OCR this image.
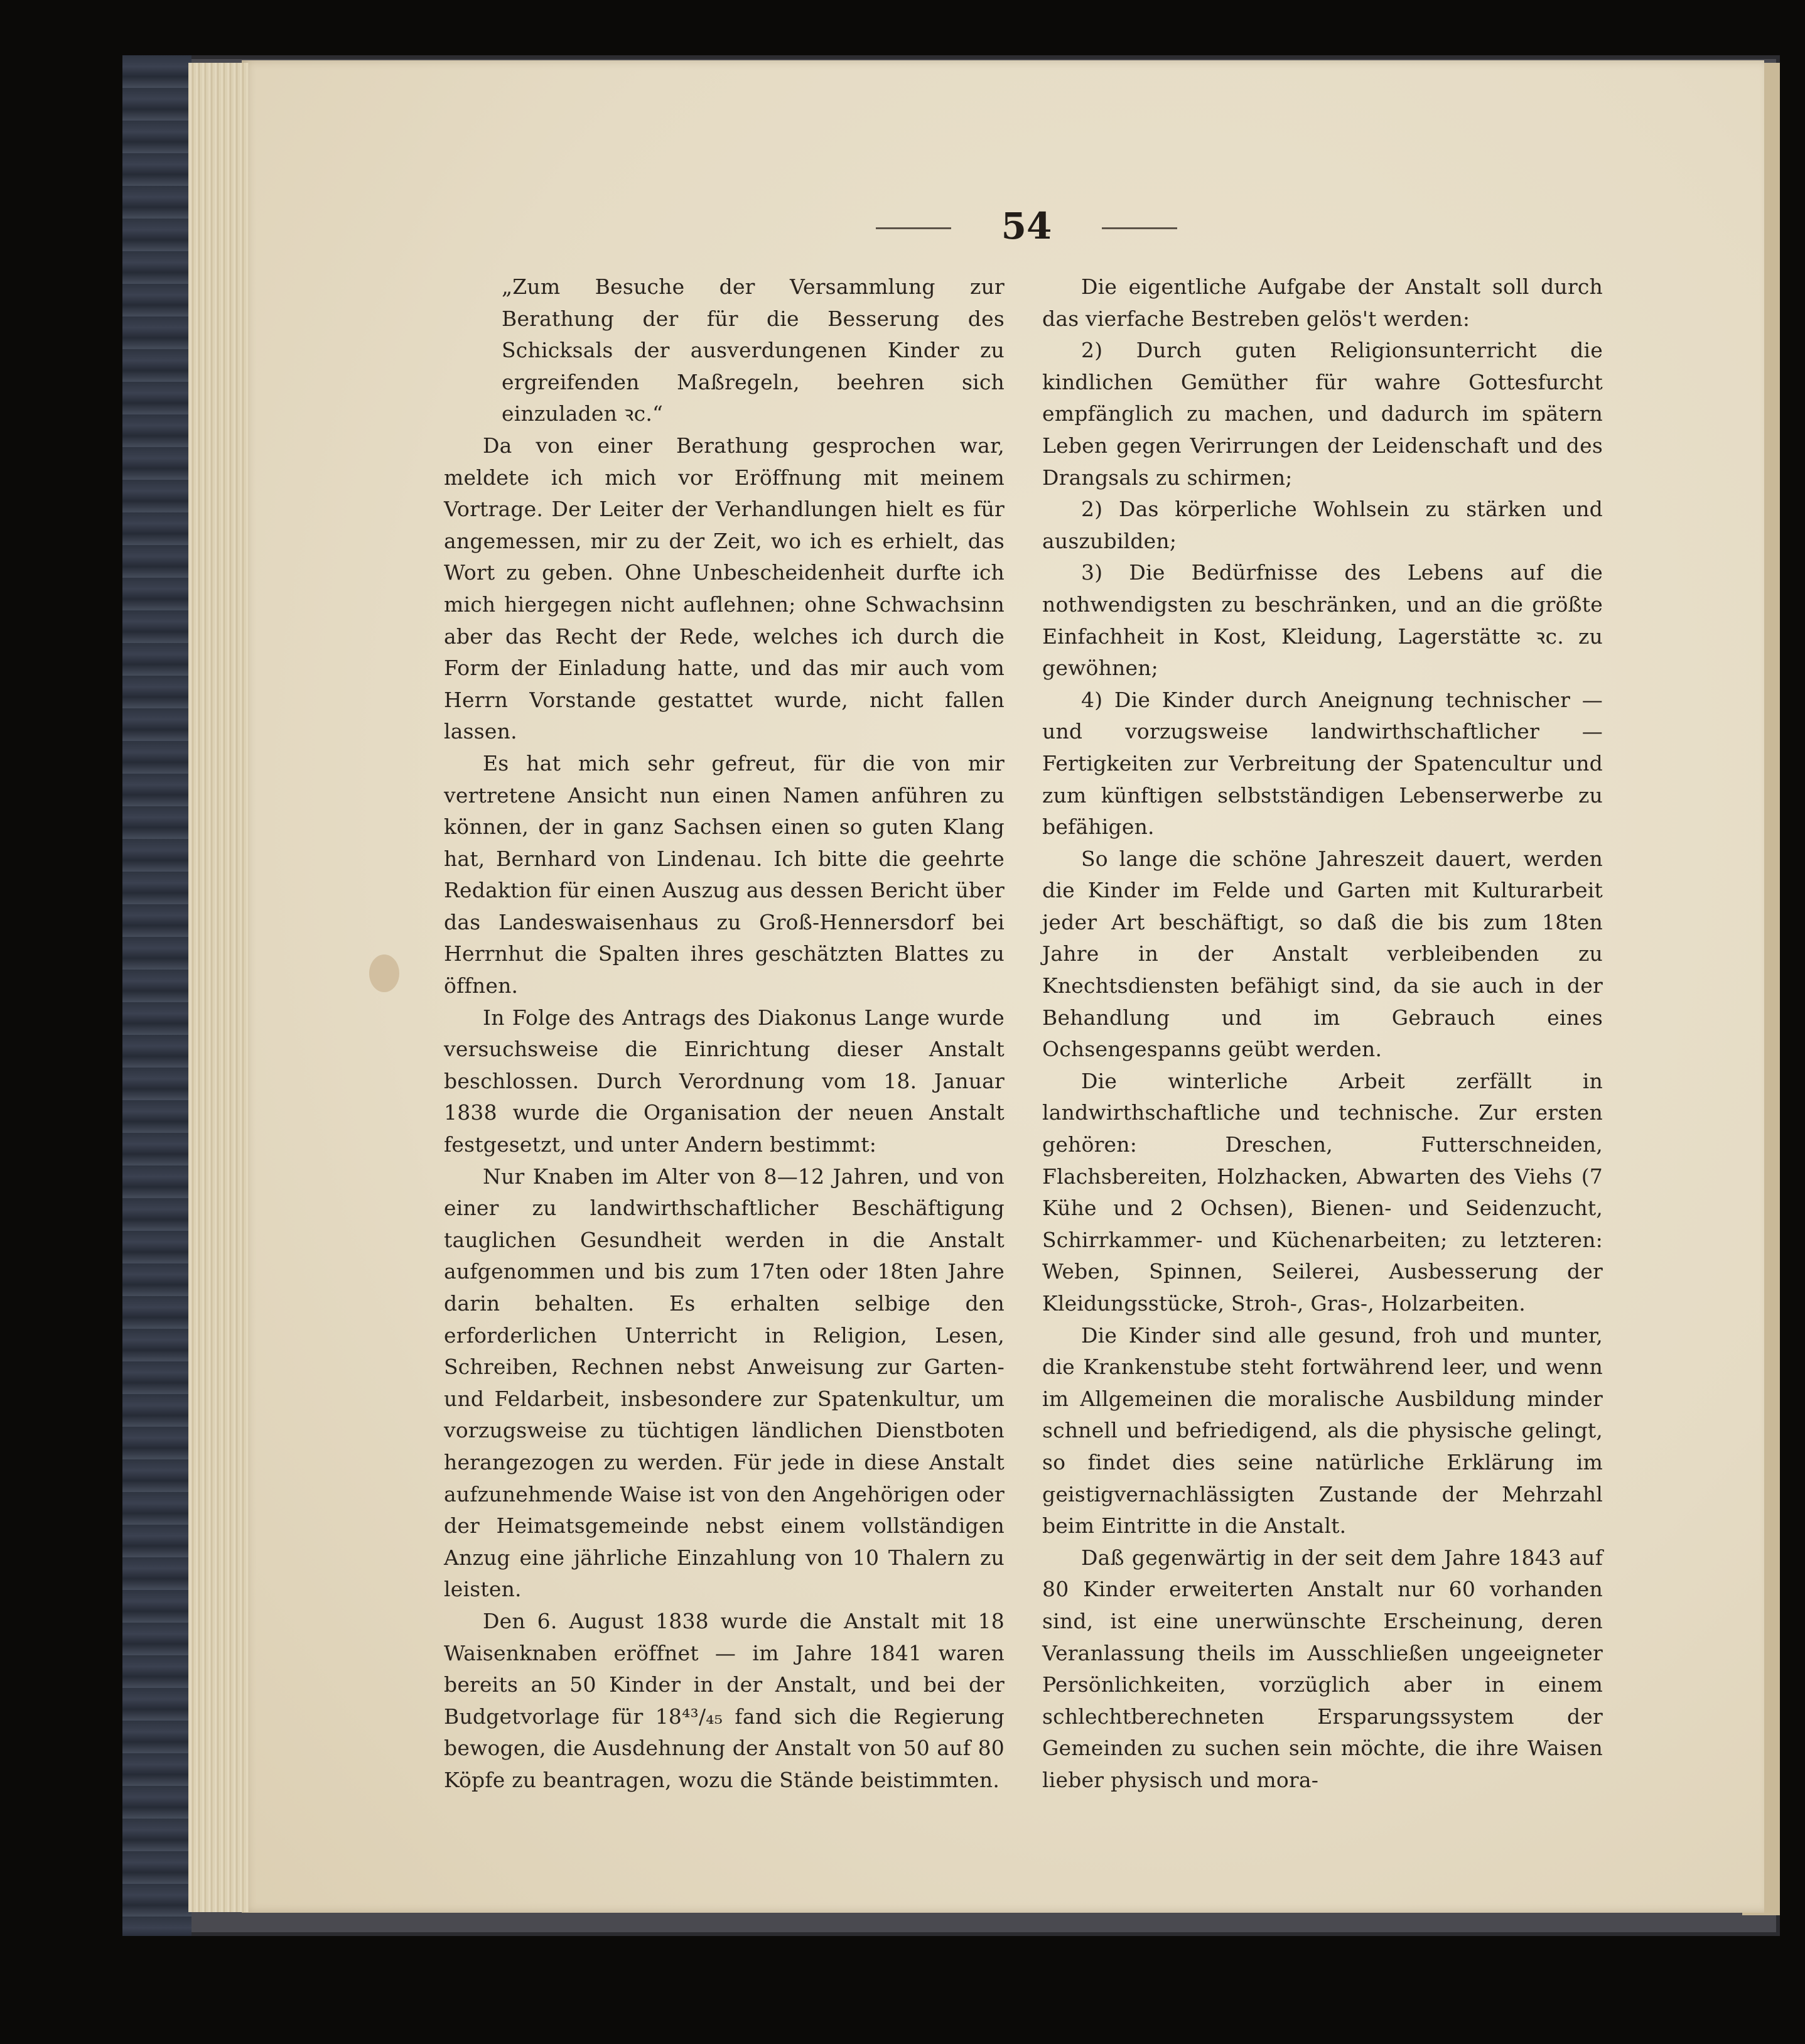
54

„Zum Besuche der Versammlung zur Berathung der für die Besserung des Schicksals der ausverdungenen Kinder zu ergreifenden Maßregeln, beehren sich einzuladen ꝛc.“

Da von einer Berathung gesprochen war, meldete ich mich vor Eröffnung mit meinem Vortrage. Der Leiter der Verhandlungen hielt es für angemessen, mir zu der Zeit, wo ich es erhielt, das Wort zu geben. Ohne Unbescheidenheit durfte ich mich hiergegen nicht auflehnen; ohne Schwachsinn aber das Recht der Rede, welches ich durch die Form der Einladung hatte, und das mir auch vom Herrn Vorstande gestattet wurde, nicht fallen lassen.

Es hat mich sehr gefreut, für die von mir vertretene Ansicht nun einen Namen anführen zu können, der in ganz Sachsen einen so guten Klang hat, Bernhard von Lindenau. Ich bitte die geehrte Redaktion für einen Auszug aus dessen Bericht über das Landeswaisenhaus zu Groß-Hennersdorf bei Herrnhut die Spalten ihres geschätzten Blattes zu öffnen.

In Folge des Antrags des Diakonus Lange wurde versuchsweise die Einrichtung dieser Anstalt beschlossen. Durch Verordnung vom 18. Januar 1838 wurde die Organisation der neuen Anstalt festgesetzt, und unter Andern bestimmt:

Nur Knaben im Alter von 8—12 Jahren, und von einer zu landwirthschaftlicher Beschäftigung tauglichen Gesundheit werden in die Anstalt aufgenommen und bis zum 17ten oder 18ten Jahre darin behalten. Es erhalten selbige den erforderlichen Unterricht in Religion, Lesen, Schreiben, Rechnen nebst Anweisung zur Garten- und Feldarbeit, insbesondere zur Spatenkultur, um vorzugsweise zu tüchtigen ländlichen Dienstboten herangezogen zu werden. Für jede in diese Anstalt aufzunehmende Waise ist von den Angehörigen oder der Heimatsgemeinde nebst einem vollständigen Anzug eine jährliche Einzahlung von 10 Thalern zu leisten.

Den 6. August 1838 wurde die Anstalt mit 18 Waisenknaben eröffnet — im Jahre 1841 waren bereits an 50 Kinder in der Anstalt, und bei der Budgetvorlage für 18⁴³/₄₅ fand sich die Regierung bewogen, die Ausdehnung der Anstalt von 50 auf 80 Köpfe zu beantragen, wozu die Stände beistimmten.

Die eigentliche Aufgabe der Anstalt soll durch das vierfache Bestreben gelös't werden:

2) Durch guten Religionsunterricht die kindlichen Gemüther für wahre Gottesfurcht empfänglich zu machen, und dadurch im spätern Leben gegen Verirrungen der Leidenschaft und des Drangsals zu schirmen;

2) Das körperliche Wohlsein zu stärken und auszubilden;

3) Die Bedürfnisse des Lebens auf die nothwendigsten zu beschränken, und an die größte Einfachheit in Kost, Kleidung, Lagerstätte ꝛc. zu gewöhnen;

4) Die Kinder durch Aneignung technischer — und vorzugsweise landwirthschaftlicher — Fertigkeiten zur Verbreitung der Spatencultur und zum künftigen selbstständigen Lebenserwerbe zu befähigen.

So lange die schöne Jahreszeit dauert, werden die Kinder im Felde und Garten mit Kulturarbeit jeder Art beschäftigt, so daß die bis zum 18ten Jahre in der Anstalt verbleibenden zu Knechtsdiensten befähigt sind, da sie auch in der Behandlung und im Gebrauch eines Ochsengespanns geübt werden.

Die winterliche Arbeit zerfällt in landwirthschaftliche und technische. Zur ersten gehören: Dreschen, Futterschneiden, Flachsbereiten, Holzhacken, Abwarten des Viehs (7 Kühe und 2 Ochsen), Bienen- und Seidenzucht, Schirrkammer- und Küchenarbeiten; zu letzteren: Weben, Spinnen, Seilerei, Ausbesserung der Kleidungsstücke, Stroh-, Gras-, Holzarbeiten.

Die Kinder sind alle gesund, froh und munter, die Krankenstube steht fortwährend leer, und wenn im Allgemeinen die moralische Ausbildung minder schnell und befriedigend, als die physische gelingt, so findet dies seine natürliche Erklärung im geistigvernachlässigten Zustande der Mehrzahl beim Eintritte in die Anstalt.

Daß gegenwärtig in der seit dem Jahre 1843 auf 80 Kinder erweiterten Anstalt nur 60 vorhanden sind, ist eine unerwünschte Erscheinung, deren Veranlassung theils im Ausschließen ungeeigneter Persönlichkeiten, vorzüglich aber in einem schlechtberechneten Ersparungssystem der Gemeinden zu suchen sein möchte, die ihre Waisen lieber physisch und mora-
